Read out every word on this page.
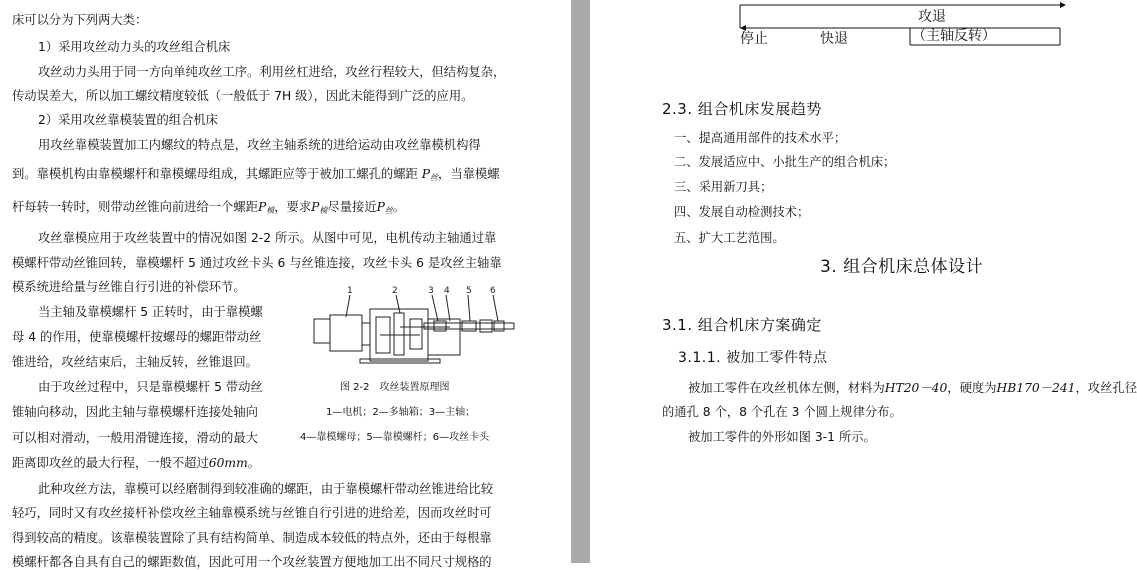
床可以分为下列两大类：
1）采用攻丝动力头的攻丝组合机床
攻丝动力头用于同一方向单纯攻丝工序。利用丝杠进给，攻丝行程较大，但结构复杂，
传动误差大，所以加工螺纹精度较低（一般低于 7H 级），因此未能得到广泛的应用。
2）采用攻丝靠模装置的组合机床
用攻丝靠模装置加工内螺纹的特点是，攻丝主轴系统的进给运动由攻丝靠模机构得
到。靠模机构由靠模螺杆和靠模螺母组成，其螺距应等于被加工螺孔的螺距 $P_丝$，当靠模螺
杆每转一转时，则带动丝锥向前进给一个螺距$P_模$，要求$P_模$尽量接近$P_丝$。
攻丝靠模应用于攻丝装置中的情况如图 2-2 所示。从图中可见，电机传动主轴通过靠
模螺杆带动丝锥回转，靠模螺杆 5 通过攻丝卡头 6 与丝锥连接，攻丝卡头 6 是攻丝主轴靠
模系统进给量与丝锥自行引进的补偿环节。
当主轴及靠模螺杆 5 正转时，由于靠模螺
母 4 的作用，使靠模螺杆按螺母的螺距带动丝
锥进给，攻丝结束后，主轴反转，丝锥退回。
由于攻丝过程中，只是靠模螺杆 5 带动丝
锥轴向移动，因此主轴与靠模螺杆连接处轴向
可以相对滑动，一般用滑键连接，滑动的最大
距离即攻丝的最大行程，一般不超过60mm。
此种攻丝方法，靠模可以经磨制得到较准确的螺距，由于靠模螺杆带动丝锥进给比较
轻巧，同时又有攻丝接杆补偿攻丝主轴靠模系统与丝锥自行引进的进给差，因而攻丝时可
得到较高的精度。该靠模装置除了具有结构简单、制造成本较低的特点外，还由于每根靠
模螺杆都各自具有自己的螺距数值，因此可用一个攻丝装置方便地加工出不同尺寸规格的
1	2	3 4 5 6
图 2-2　攻丝装置原理图
1—电机；2—多轴箱；3—主轴；
4—靠模螺母；5—靠模螺杆；6—攻丝卡头
攻退
停止	快退	（主轴反转）
2.3. 组合机床发展趋势
一、提高通用部件的技术水平；
二、发展适应中、小批生产的组合机床；
三、采用新刀具；
四、发展自动检测技术；
五、扩大工艺范围。
3. 组合机床总体设计
3.1. 组合机床方案确定
3.1.1. 被加工零件特点
被加工零件在攻丝机体左侧，材料为HT20－40，硬度为HB170－241，攻丝孔径
的通孔 8 个，8 个孔在 3 个圆上规律分布。
被加工零件的外形如图 3-1 所示。
